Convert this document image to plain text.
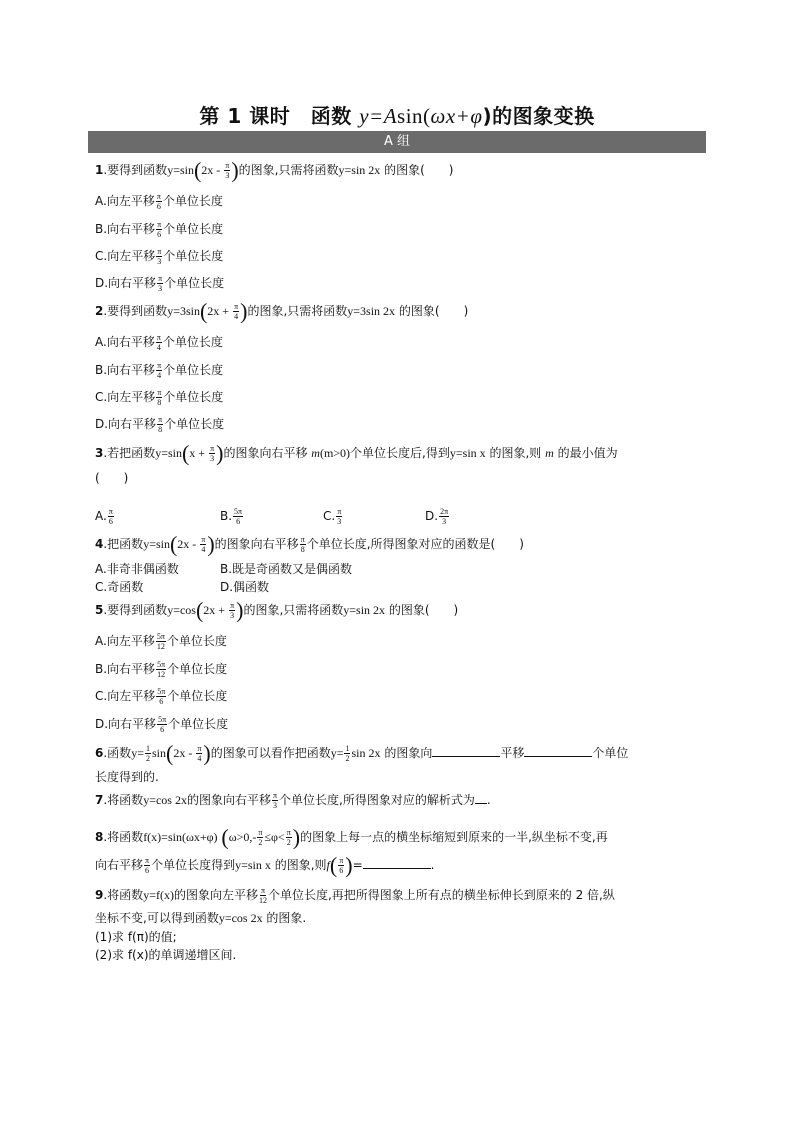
第 1 课时　函数 y=Asin(ωx+φ)的图象变换
A 组
1.要得到函数$y=\sin(2x - \frac{\pi}{3}$ )的图象,只需将函数y=sin 2x 的图象(　　)
A.向左平移 $\frac{\pi}{6}$ 个单位长度
B.向右平移 $\frac{\pi}{6}$ 个单位长度
C.向左平移 $\frac{\pi}{3}$ 个单位长度
D.向右平移 $\frac{\pi}{3}$ 个单位长度
2.要得到函数$y=3\sin(2x + \frac{\pi}{4}$ )的图象,只需将函数y=3sin 2x 的图象(　　)
A.向右平移 $\frac{\pi}{4}$ 个单位长度
B.向右平移 $\frac{\pi}{4}$ 个单位长度
C.向左平移 $\frac{\pi}{8}$ 个单位长度
D.向右平移 $\frac{\pi}{8}$ 个单位长度
3.若把函数$y=\sin(x + \frac{\pi}{3}$ )的图象向右平移 m(m>0)个单位长度后,得到y=sin x 的图象,则 m 的最小值为
(　　)
A. $\frac{\pi}{6}$	B. $\frac{5\pi}{6}$	C. $\frac{\pi}{3}$	D. $\frac{2\pi}{3}$
4.把函数$y=\sin(2x - \frac{\pi}{4}$ )的图象向右平移 $\frac{\pi}{8}$ 个单位长度,所得图象对应的函数是(　　)
A.非奇非偶函数	B.既是奇函数又是偶函数
C.奇函数	D.偶函数
5.要得到函数$y=\cos(2x + \frac{\pi}{3}$ )的图象,只需将函数y=sin 2x 的图象(　　)
A.向左平移 $\frac{5\pi}{12}$ 个单位长度
B.向右平移 $\frac{5\pi}{12}$ 个单位长度
C.向左平移 $\frac{5\pi}{6}$ 个单位长度
D.向右平移 $\frac{5\pi}{6}$ 个单位长度
6.函数$y= \frac{1}{2} \sin(2x - \frac{\pi}{4}$ )的图象可以看作把函数$y= \frac{1}{2}$ sin 2x 的图象向	平移	个单位
长度得到的.
7.将函数y=cos 2x的图象向右平移 $\frac{\pi}{3}$ 个单位长度,所得图象对应的解析式为 .
8.将函数f(x)=sin(ωx+φ) ($\omega>0,- \frac{\pi}{2} \le\varphi< \frac{\pi}{2}$ )的图象上每一点的横坐标缩短到原来的一半,纵坐标不变,再
向右平移 $\frac{\pi}{6}$ 个单位长度得到y=sin x 的图象,则$f( \frac{\pi}{6}$ )=	.
9.将函数y=f(x)的图象向左平移 $\frac{\pi}{12}$ 个单位长度,再把所得图象上所有点的横坐标伸长到原来的 2 倍,纵
坐标不变,可以得到函数y=cos 2x 的图象.
(1)求 f(π)的值;
(2)求 f(x)的单调递增区间.
